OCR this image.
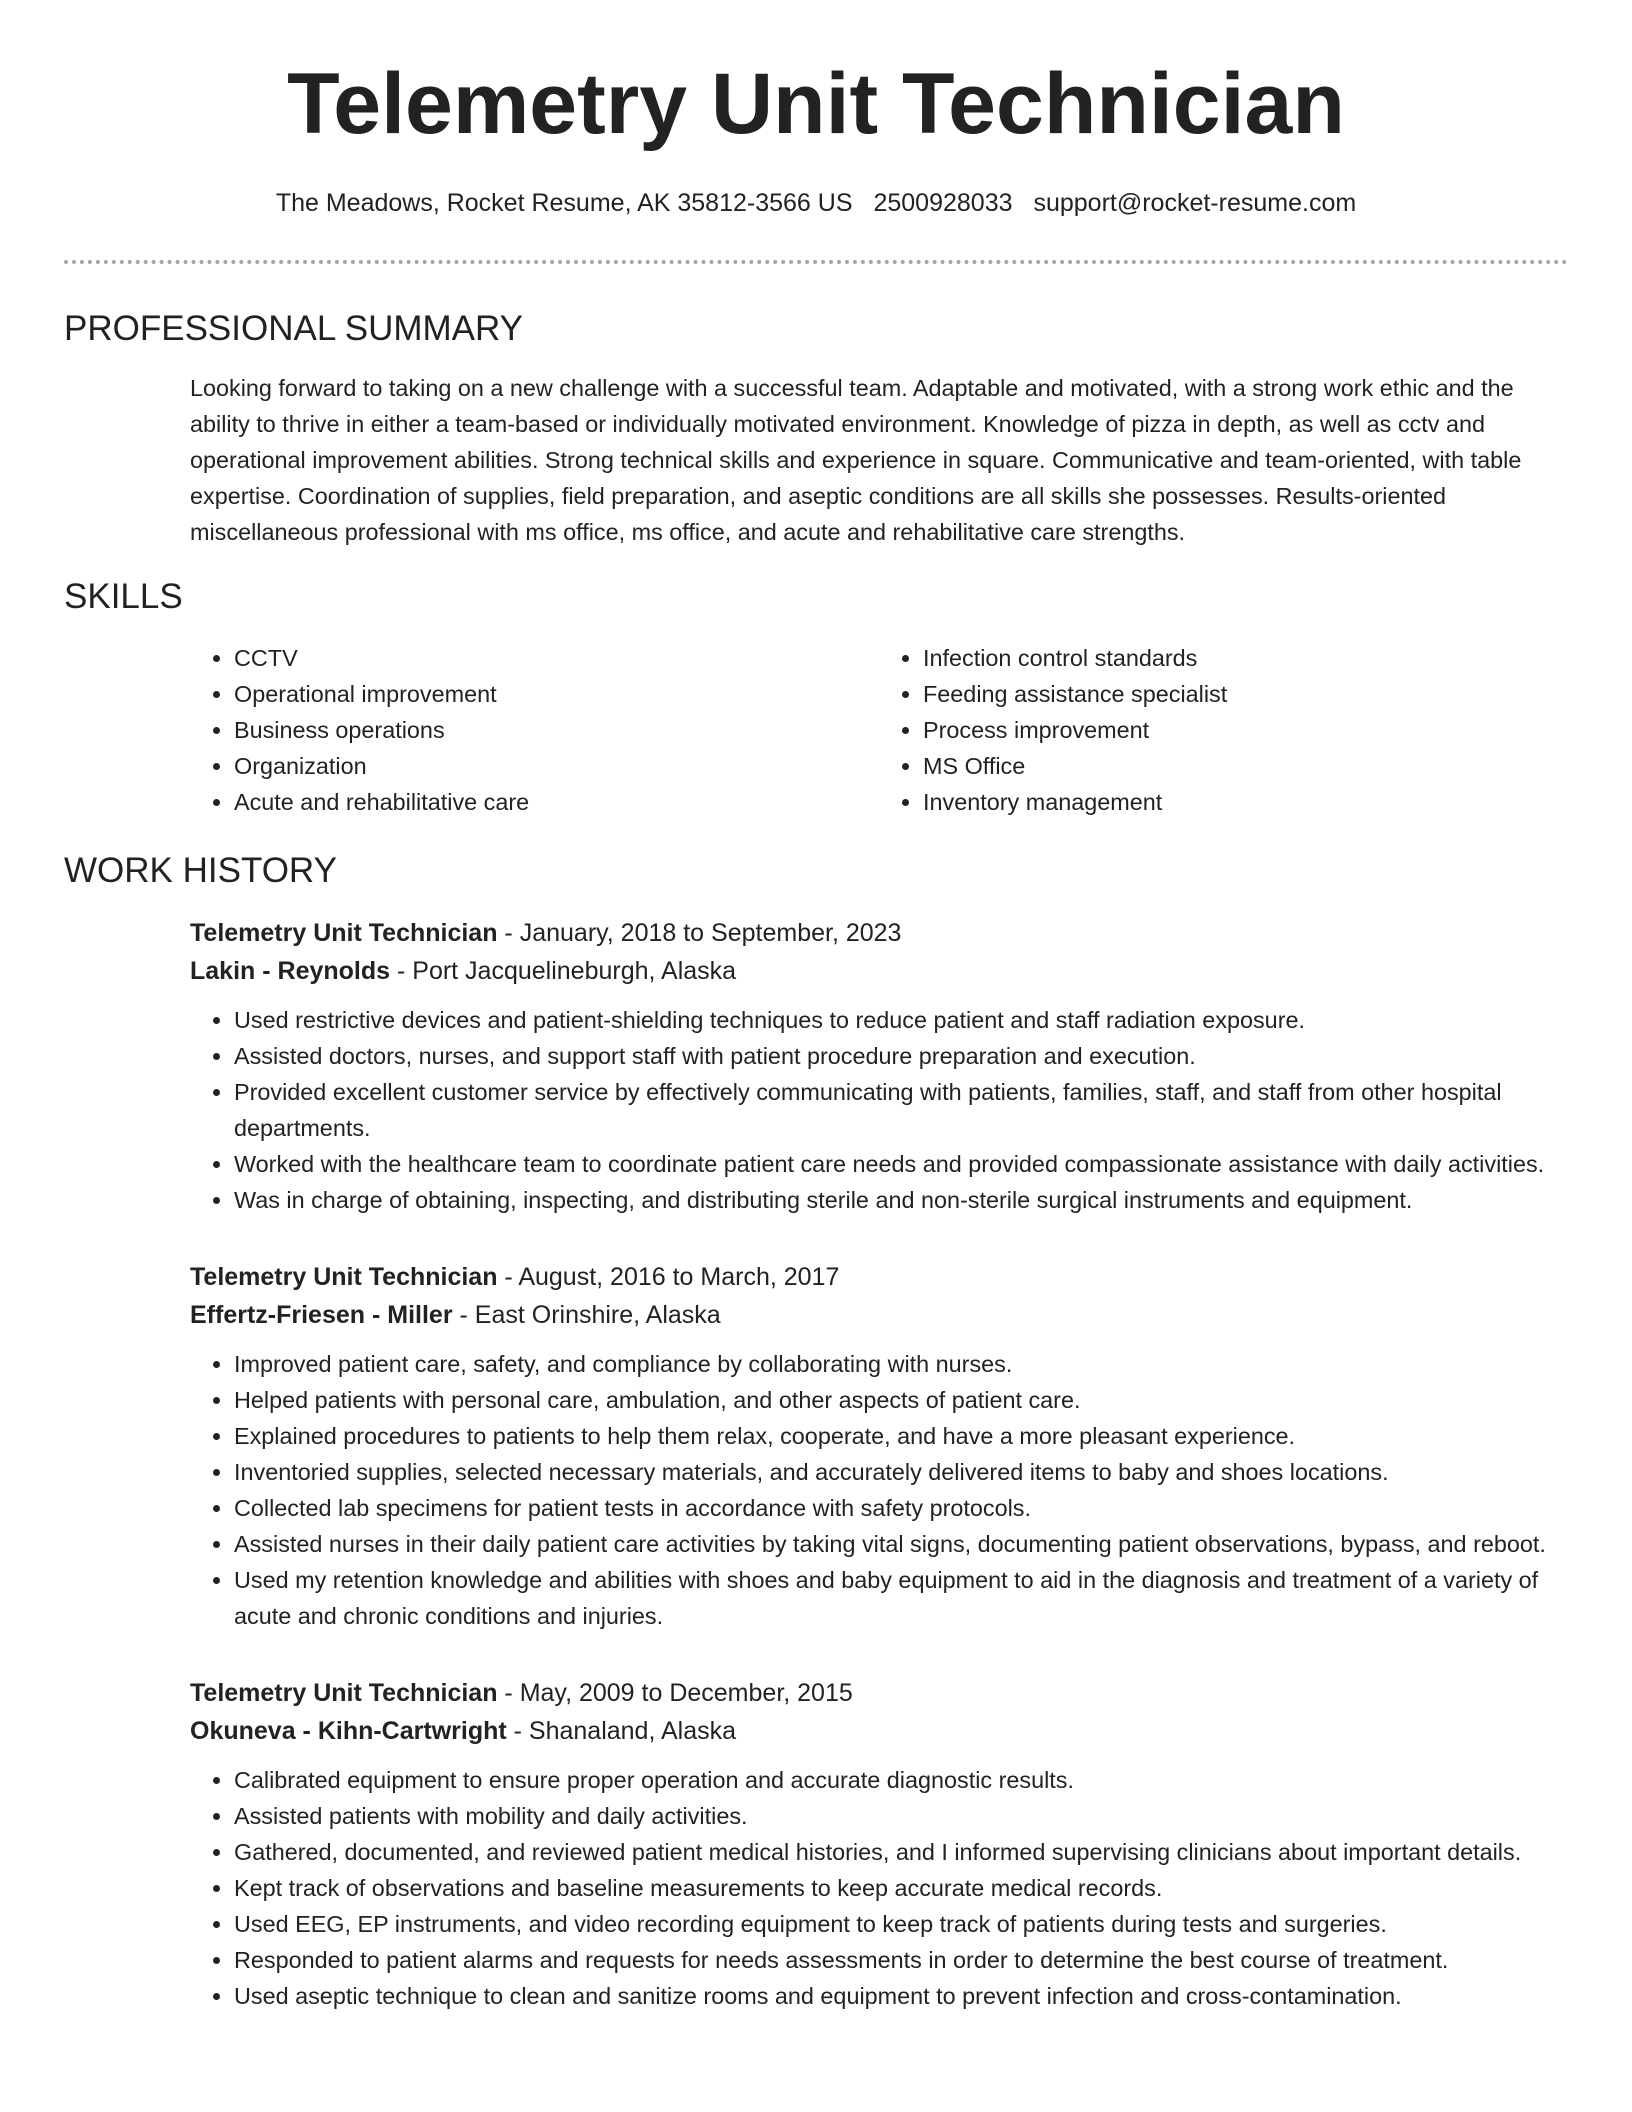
Telemetry Unit Technician
The Meadows, Rocket Resume, AK 35812-3566 US 2500928033 support@rocket-resume.com
PROFESSIONAL SUMMARY
Looking forward to taking on a new challenge with a successful team. Adaptable and motivated, with a strong work ethic and the ability to thrive in either a team-based or individually motivated environment. Knowledge of pizza in depth, as well as cctv and operational improvement abilities. Strong technical skills and experience in square. Communicative and team-oriented, with table expertise. Coordination of supplies, field preparation, and aseptic conditions are all skills she possesses. Results-oriented miscellaneous professional with ms office, ms office, and acute and rehabilitative care strengths.
SKILLS
• CCTV
• Operational improvement
• Business operations
• Organization
• Acute and rehabilitative care
• Infection control standards
• Feeding assistance specialist
• Process improvement
• MS Office
• Inventory management
WORK HISTORY
Telemetry Unit Technician - January, 2018 to September, 2023
Lakin - Reynolds - Port Jacquelineburgh, Alaska
• Used restrictive devices and patient-shielding techniques to reduce patient and staff radiation exposure.
• Assisted doctors, nurses, and support staff with patient procedure preparation and execution.
• Provided excellent customer service by effectively communicating with patients, families, staff, and staff from other hospital departments.
• Worked with the healthcare team to coordinate patient care needs and provided compassionate assistance with daily activities.
• Was in charge of obtaining, inspecting, and distributing sterile and non-sterile surgical instruments and equipment.
Telemetry Unit Technician - August, 2016 to March, 2017
Effertz-Friesen - Miller - East Orinshire, Alaska
• Improved patient care, safety, and compliance by collaborating with nurses.
• Helped patients with personal care, ambulation, and other aspects of patient care.
• Explained procedures to patients to help them relax, cooperate, and have a more pleasant experience.
• Inventoried supplies, selected necessary materials, and accurately delivered items to baby and shoes locations.
• Collected lab specimens for patient tests in accordance with safety protocols.
• Assisted nurses in their daily patient care activities by taking vital signs, documenting patient observations, bypass, and reboot.
• Used my retention knowledge and abilities with shoes and baby equipment to aid in the diagnosis and treatment of a variety of acute and chronic conditions and injuries.
Telemetry Unit Technician - May, 2009 to December, 2015
Okuneva - Kihn-Cartwright - Shanaland, Alaska
• Calibrated equipment to ensure proper operation and accurate diagnostic results.
• Assisted patients with mobility and daily activities.
• Gathered, documented, and reviewed patient medical histories, and I informed supervising clinicians about important details.
• Kept track of observations and baseline measurements to keep accurate medical records.
• Used EEG, EP instruments, and video recording equipment to keep track of patients during tests and surgeries.
• Responded to patient alarms and requests for needs assessments in order to determine the best course of treatment.
• Used aseptic technique to clean and sanitize rooms and equipment to prevent infection and cross-contamination.
